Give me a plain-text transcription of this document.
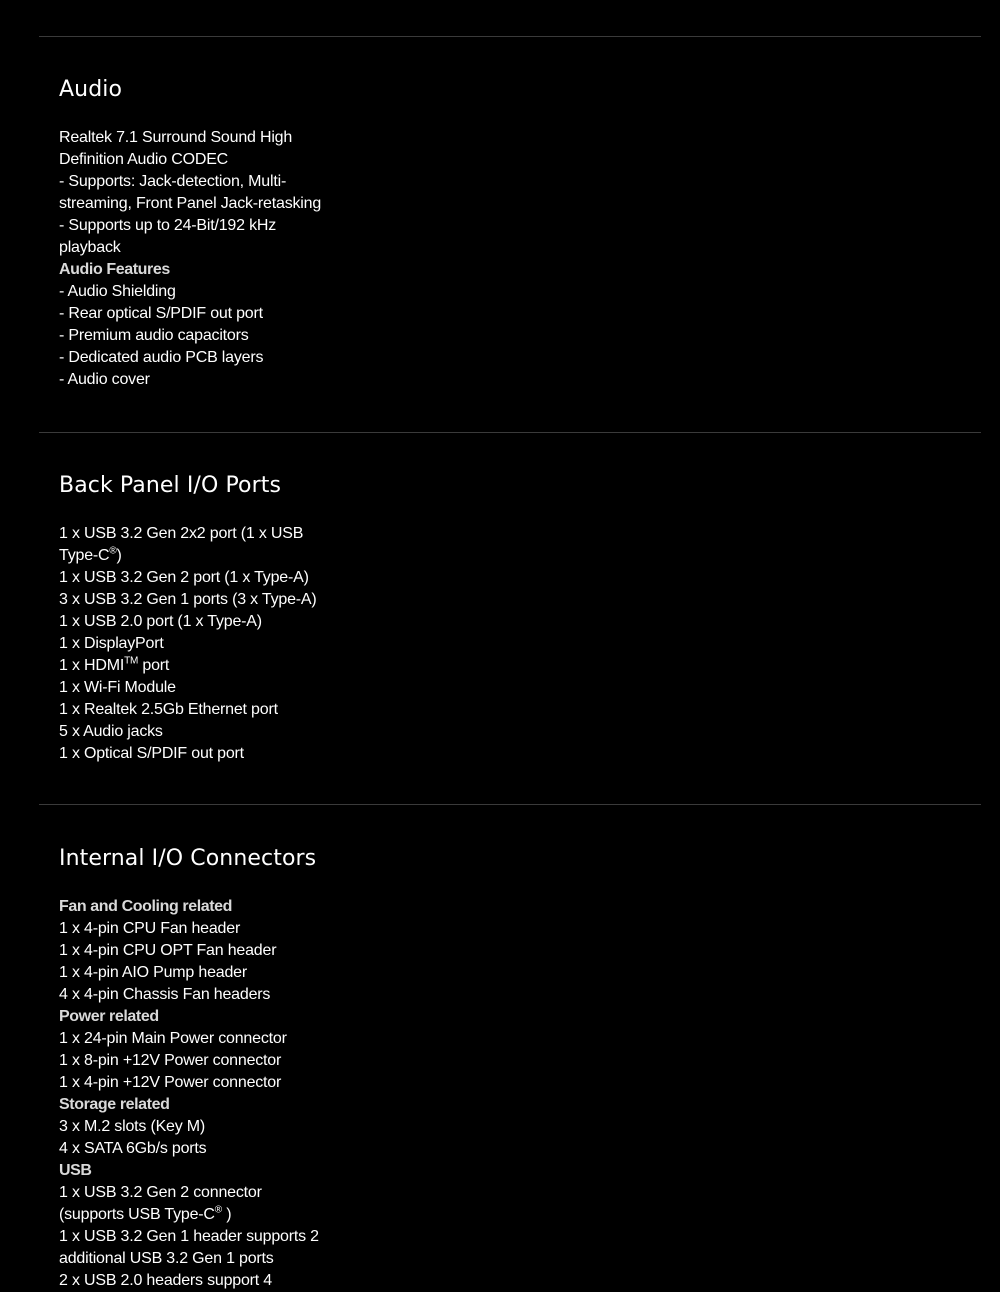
Audio
Realtek 7.1 Surround Sound High
Definition Audio CODEC
- Supports: Jack-detection, Multi-
streaming, Front Panel Jack-retasking
- Supports up to 24-Bit/192 kHz
playback
Audio Features
- Audio Shielding
- Rear optical S/PDIF out port
- Premium audio capacitors
- Dedicated audio PCB layers
- Audio cover
Back Panel I/O Ports
1 x USB 3.2 Gen 2x2 port (1 x USB
Type-C®)
1 x USB 3.2 Gen 2 port (1 x Type-A)
3 x USB 3.2 Gen 1 ports (3 x Type-A)
1 x USB 2.0 port (1 x Type-A)
1 x DisplayPort
1 x HDMI™ port
1 x Wi-Fi Module
1 x Realtek 2.5Gb Ethernet port
5 x Audio jacks
1 x Optical S/PDIF out port
Internal I/O Connectors
Fan and Cooling related
1 x 4-pin CPU Fan header
1 x 4-pin CPU OPT Fan header
1 x 4-pin AIO Pump header
4 x 4-pin Chassis Fan headers
Power related
1 x 24-pin Main Power connector
1 x 8-pin +12V Power connector
1 x 4-pin +12V Power connector
Storage related
3 x M.2 slots (Key M)
4 x SATA 6Gb/s ports
USB
1 x USB 3.2 Gen 2 connector
(supports USB Type-C® )
1 x USB 3.2 Gen 1 header supports 2
additional USB 3.2 Gen 1 ports
2 x USB 2.0 headers support 4
